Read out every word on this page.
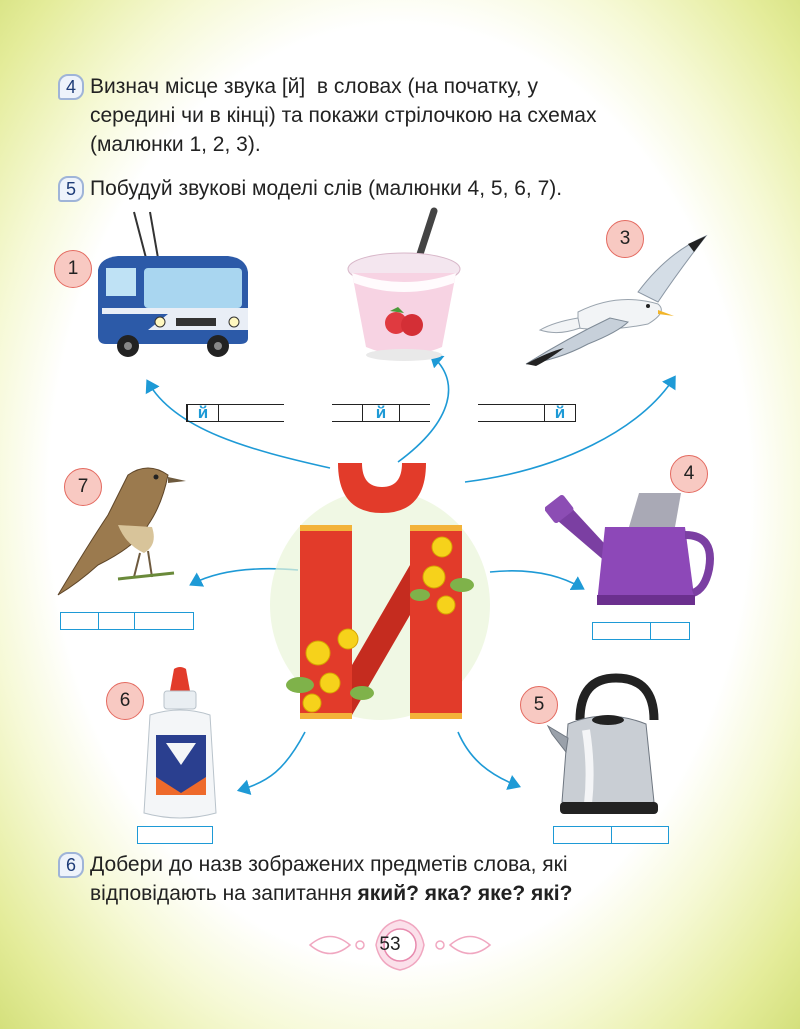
4 Визнач місце звука [й]  в словах (на початку, у
середині чи в кінці) та покажи стрілочкою на схемах
(малюнки 1, 2, 3).
5 Побудуй звукові моделі слів (малюнки 4, 5, 6, 7).
1
3
7
4
6	5
й	й	й
6 Добери до назв зображених предметів слова, які
відповідають на запитання який? яка? яке? які?
53
